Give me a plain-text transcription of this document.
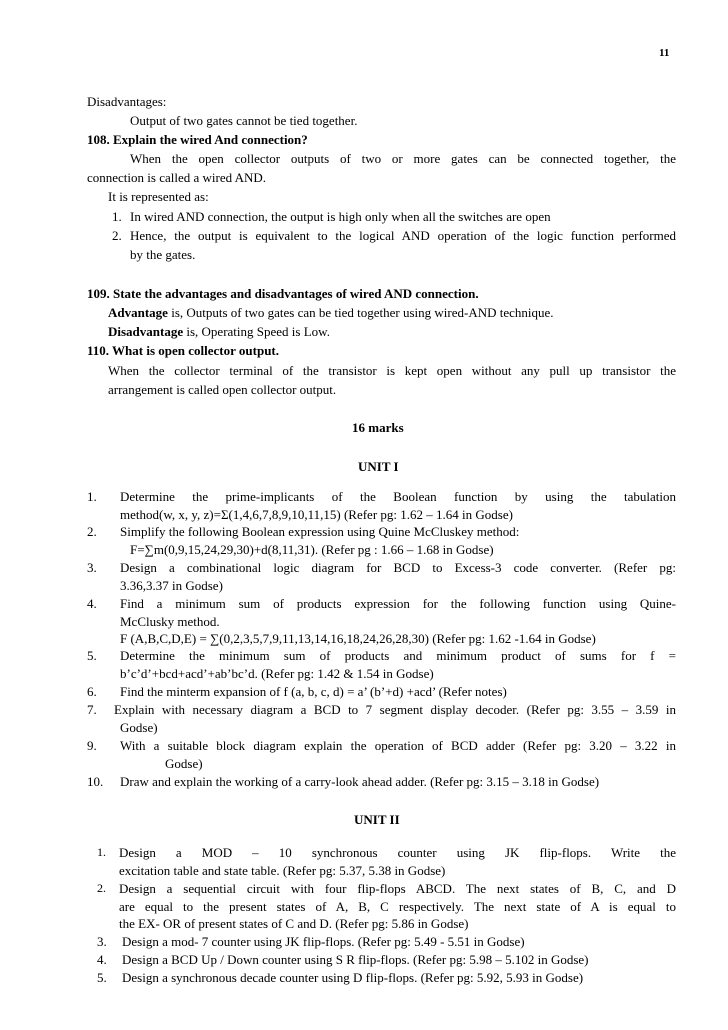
11
Disadvantages:
Output of two gates cannot be tied together.
108. Explain the wired And connection?
When the open collector outputs of two or more gates can be connected together, the
connection is called a wired AND.
It is represented as:
1. In wired AND connection, the output is high only when all the switches are open
2. Hence, the output is equivalent to the logical AND operation of the logic function performed
by the gates.
109. State the advantages and disadvantages of wired AND connection.
Advantage is, Outputs of two gates can be tied together using wired-AND technique.
Disadvantage is, Operating Speed is Low.
110. What is open collector output.
When the collector terminal of the transistor is kept open without any pull up transistor the
arrangement is called open collector output.
16 marks
UNIT I
1. Determine the prime-implicants of the Boolean function by using the tabulation
method(w, x, y, z)=Σ(1,4,6,7,8,9,10,11,15) (Refer pg: 1.62 – 1.64 in Godse)
2. Simplify the following Boolean expression using Quine McCluskey method:
F=∑m(0,9,15,24,29,30)+d(8,11,31). (Refer pg : 1.66 – 1.68 in Godse)
3. Design a combinational logic diagram for BCD to Excess-3 code converter. (Refer pg:
3.36,3.37 in Godse)
4. Find a minimum sum of products expression for the following function using Quine-
McClusky method.
F (A,B,C,D,E) = ∑(0,2,3,5,7,9,11,13,14,16,18,24,26,28,30) (Refer pg: 1.62 -1.64 in Godse)
5. Determine the minimum sum of products and minimum product of sums for f =
b’c’d’+bcd+acd’+ab’bc’d. (Refer pg: 1.42 & 1.54 in Godse)
6. Find the minterm expansion of f (a, b, c, d) = a’ (b’+d) +acd’ (Refer notes)
7. Explain with necessary diagram a BCD to 7 segment display decoder. (Refer pg: 3.55 – 3.59 in
Godse)
9. With a suitable block diagram explain the operation of BCD adder (Refer pg: 3.20 – 3.22 in
Godse)
10. Draw and explain the working of a carry-look ahead adder. (Refer pg: 3.15 – 3.18 in Godse)
UNIT II
1. Design a MOD – 10 synchronous counter using JK flip-flops. Write the
excitation table and state table. (Refer pg: 5.37, 5.38 in Godse)
2. Design a sequential circuit with four flip-flops ABCD. The next states of B, C, and D
are equal to the present states of A, B, C respectively. The next state of A is equal to
the EX- OR of present states of C and D. (Refer pg: 5.86 in Godse)
3. Design a mod- 7 counter using JK flip-flops. (Refer pg: 5.49 - 5.51 in Godse)
4. Design a BCD Up / Down counter using S R flip-flops. (Refer pg: 5.98 – 5.102 in Godse)
5. Design a synchronous decade counter using D flip-flops. (Refer pg: 5.92, 5.93 in Godse)
